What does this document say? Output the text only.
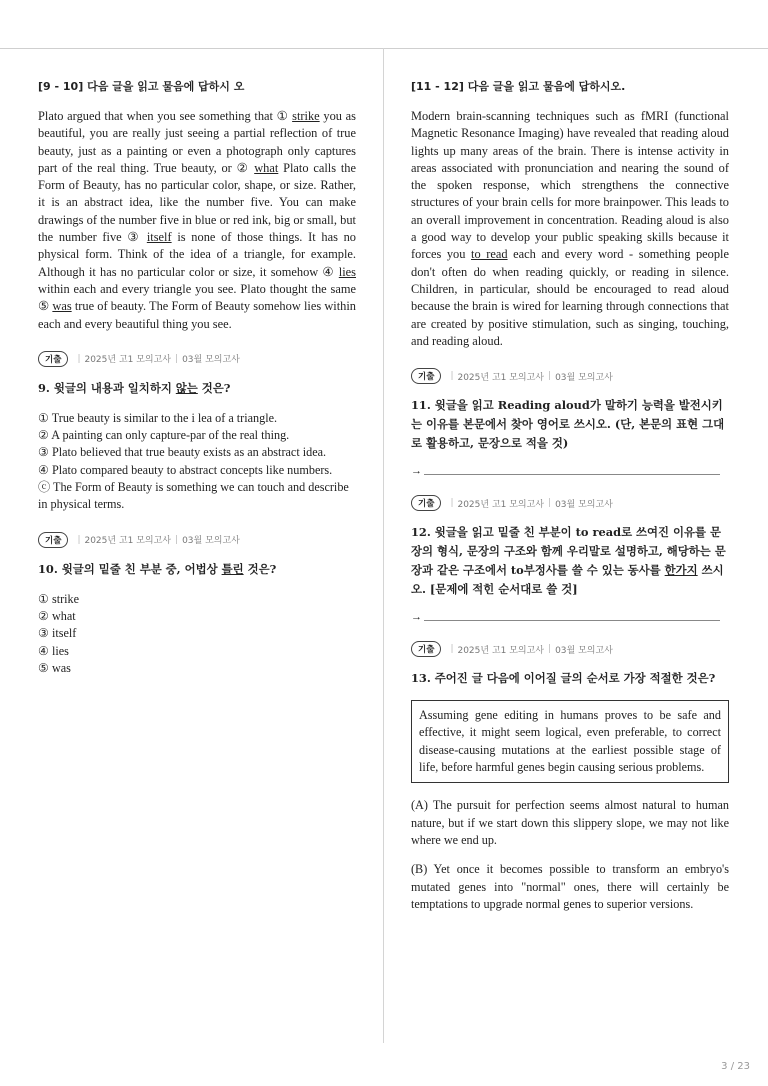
[9 - 10] 다음 글을 읽고 물음에 답하시 오

Plato argued that when you see something that ① strike you as beautiful, you are really just seeing a partial reflection of true beauty, just as a painting or even a photograph only captures part of the real thing. True beauty, or ② what Plato calls the Form of Beauty, has no particular color, shape, or size. Rather, it is an abstract idea, like the number five. You can make drawings of the number five in blue or red ink, big or small, but the number five ③ itself is none of those things. It has no physical form. Think of the idea of a triangle, for example. Although it has no particular color or size, it somehow ④ lies within each and every triangle you see. Plato thought the same ⑤ was true of beauty. The Form of Beauty somehow lies within each and every beautiful thing you see.

기출	| 2025년 고1 모의고사 | 03월 모의고사
9. 윗글의 내용과 일치하지 않는 것은?
① True beauty is similar to the i lea of a triangle.
② A painting can only capture-par of the real thing.
③ Plato believed that true beauty exists as an abstract idea.
④ Plato compared beauty to abstract concepts like numbers.
ⓒ The Form of Beauty is something we can touch and describe in physical terms.
기출	| 2025년 고1 모의고사 | 03월 모의고사
10. 윗글의 밑줄 친 부분 중, 어법상 틀린 것은?
① strike
② what
③ itself
④ lies
⑤ was
[11 - 12] 다음 글을 읽고 물음에 답하시오.

Modern brain-scanning techniques such as fMRI (functional Magnetic Resonance Imaging) have revealed that reading aloud lights up many areas of the brain. There is intense activity in areas associated with pronunciation and nearing the sound of the spoken response, which strengthens the connective structures of your brain cells for more brainpower. This leads to an overall improvement in concentration. Reading aloud is also a good way to develop your public speaking skills because it forces you to read each and every word - something people don't often do when reading quickly, or reading in silence. Children, in particular, should be encouraged to read aloud because the brain is wired for learning through connections that are created by positive stimulation, such as singing, touching, and reading aloud.

기출	| 2025년 고1 모의고사 | 03월 모의고사
11. 윗글을 읽고 Reading aloud가 말하기 능력을 발전시키는 이유를 본문에서 찾아 영어로 쓰시오. (단, 본문의 표현 그대로 활용하고, 문장으로 적을 것)
→
기출	| 2025년 고1 모의고사 | 03월 모의고사
12. 윗글을 읽고 밑줄 친 부분이 to read로 쓰여진 이유를 문장의 형식, 문장의 구조와 함께 우리말로 설명하고, 해당하는 문장과 같은 구조에서 to부정사를 쓸 수 있는 동사를 한가지 쓰시오. [문제에 적힌 순서대로 쓸 것]
→
기출	| 2025년 고1 모의고사 | 03월 모의고사
13. 주어진 글 다음에 이어질 글의 순서로 가장 적절한 것은?
Assuming gene editing in humans proves to be safe and effective, it might seem logical, even preferable, to correct disease-causing mutations at the earliest possible stage of life, before harmful genes begin causing serious problems.

(A) The pursuit for perfection seems almost natural to human nature, but if we start down this slippery slope, we may not like where we end up.

(B) Yet once it becomes possible to transform an embryo's mutated genes into "normal" ones, there will certainly be temptations to upgrade normal genes to superior versions.

3 / 23
